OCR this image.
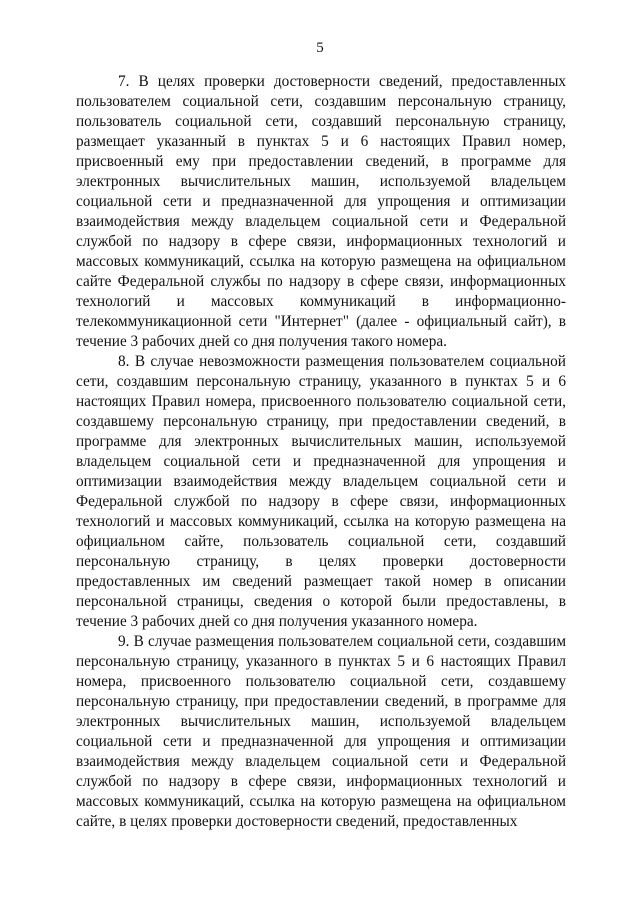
5

7. В целях проверки достоверности сведений, предоставленных пользователем социальной сети, создавшим персональную страницу, пользователь социальной сети, создавший персональную страницу, размещает указанный в пунктах 5 и 6 настоящих Правил номер, присвоенный ему при предоставлении сведений, в программе для электронных вычислительных машин, используемой владельцем социальной сети и предназначенной для упрощения и оптимизации взаимодействия между владельцем социальной сети и Федеральной службой по надзору в сфере связи, информационных технологий и массовых коммуникаций, ссылка на которую размещена на официальном сайте Федеральной службы по надзору в сфере связи, информационных технологий и массовых коммуникаций в информационно-телекоммуникационной сети "Интернет" (далее - официальный сайт), в течение 3 рабочих дней со дня получения такого номера.

8. В случае невозможности размещения пользователем социальной сети, создавшим персональную страницу, указанного в пунктах 5 и 6 настоящих Правил номера, присвоенного пользователю социальной сети, создавшему персональную страницу, при предоставлении сведений, в программе для электронных вычислительных машин, используемой владельцем социальной сети и предназначенной для упрощения и оптимизации взаимодействия между владельцем социальной сети и Федеральной службой по надзору в сфере связи, информационных технологий и массовых коммуникаций, ссылка на которую размещена на официальном сайте, пользователь социальной сети, создавший персональную страницу, в целях проверки достоверности предоставленных им сведений размещает такой номер в описании персональной страницы, сведения о которой были предоставлены, в течение 3 рабочих дней со дня получения указанного номера.

9. В случае размещения пользователем социальной сети, создавшим персональную страницу, указанного в пунктах 5 и 6 настоящих Правил номера, присвоенного пользователю социальной сети, создавшему персональную страницу, при предоставлении сведений, в программе для электронных вычислительных машин, используемой владельцем социальной сети и предназначенной для упрощения и оптимизации взаимодействия между владельцем социальной сети и Федеральной службой по надзору в сфере связи, информационных технологий и массовых коммуникаций, ссылка на которую размещена на официальном сайте, в целях проверки достоверности сведений, предоставленных
